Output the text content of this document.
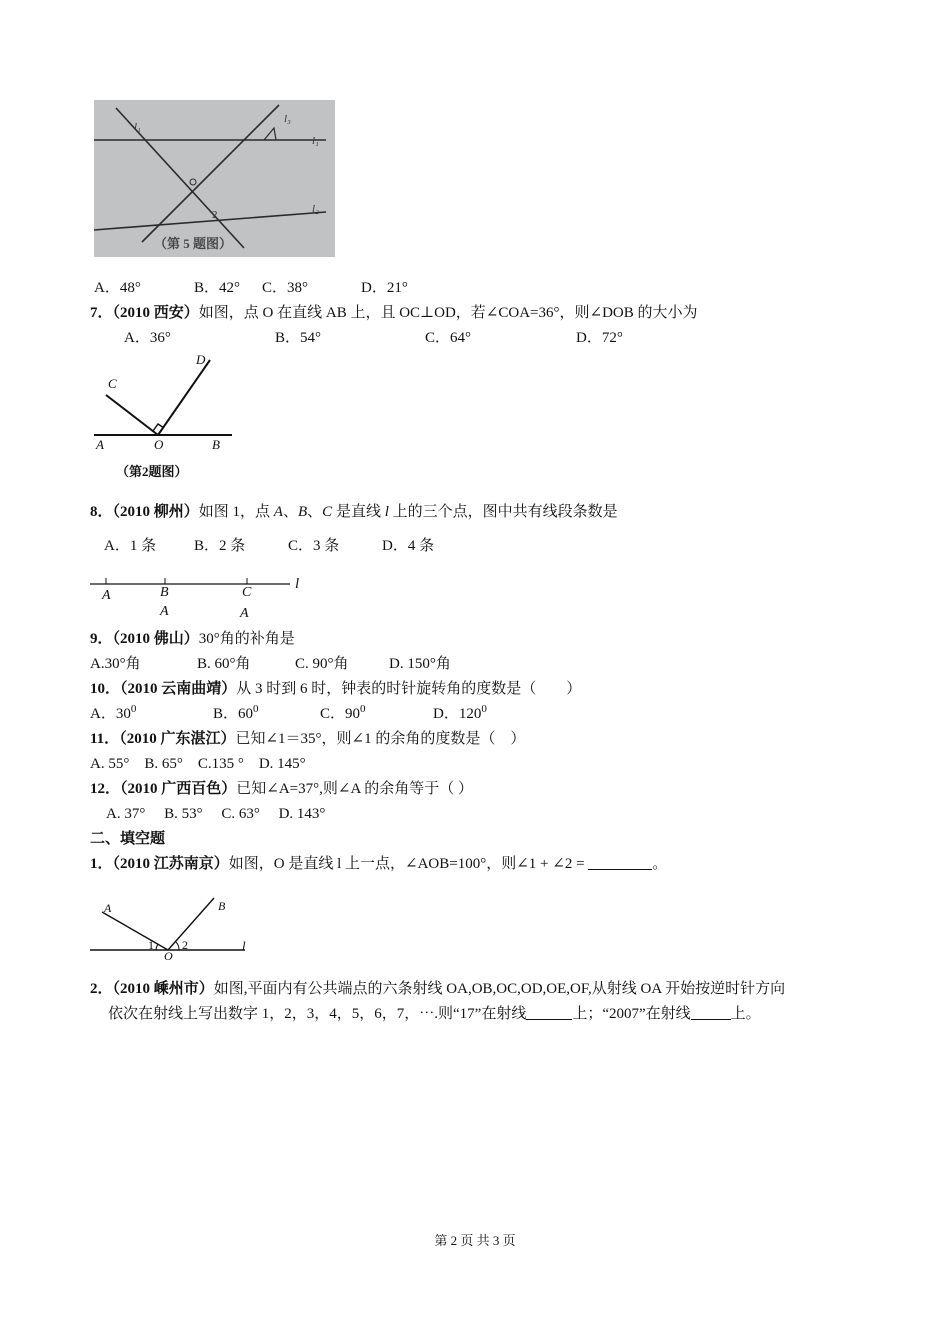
l₁
l₃
l₁
l₂
2
（第 5 题图）
A．48°	B．42° C．38°	D．21°
7．（2010 西安）如图，点 O 在直线 AB 上，且 OC⊥OD，若∠COA=36°，则∠DOB 的大小为
A．36°	B．54°	C．64°	D．72°
C
D
A	O	B
（第2题图）
8．（2010 柳州）如图 1，点 A、B、C 是直线 l 上的三个点，图中共有线段条数是
A．1 条	B．2 条	C．3 条	D．4 条
A	B	C
A	A
l
9．（2010 佛山）30°角的补角是
A.30°角	B. 60°角	C. 90°角	D. 150°角
10．（2010 云南曲靖）从 3 时到 6 时，钟表的时针旋转角的度数是（　　）
A．$30^0$	B．$60^0$	C．$90^0$	D．$120^0$
11．（2010 广东湛江）已知∠1＝35°，则∠1 的余角的度数是（　）
A. 55°　B. 65°　C.135 °　D. 145°
12．（2010 广西百色）已知∠A=37°,则∠A 的余角等于（ ）
A. 37°　 B. 53°　 C. 63°　 D. 143°
二、填空题
1．（2010 江苏南京）如图，O 是直线 l 上一点，∠AOB=100°，则∠1 + ∠2 =	。
A	B
1
O
2	l
2．（2010 嵊州市）如图,平面内有公共端点的六条射线 OA,OB,OC,OD,OE,OF,从射线 OA 开始按逆时针方向
依次在射线上写出数字 1，2，3，4，5，6，7，⋯.则“17”在射线	上；“2007”在射线	上。
第 2 页 共 3 页
